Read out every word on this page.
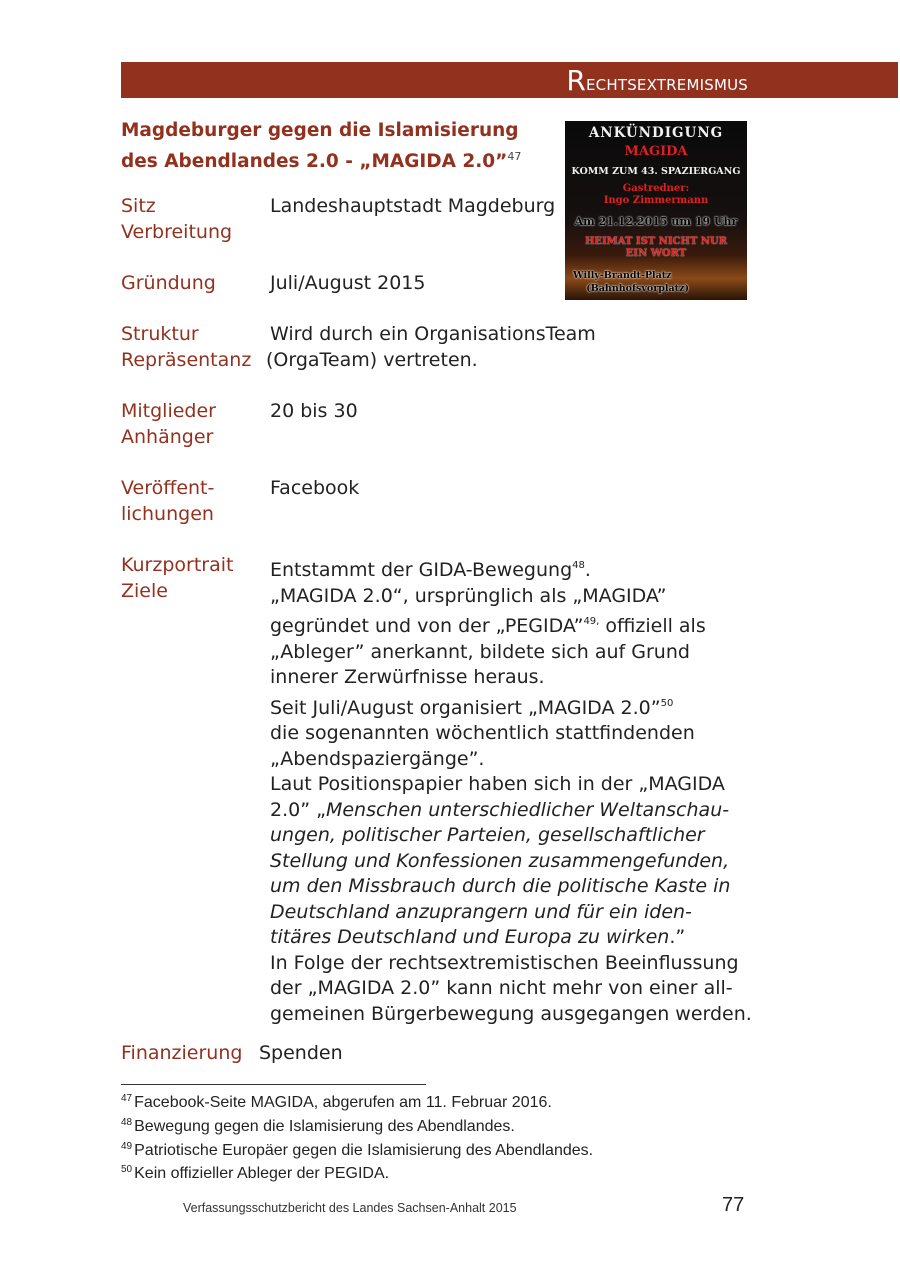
Rechtsextremismus
Magdeburger gegen die Islamisierung des Abendlandes 2.0 - „MAGIDA 2.0”$^{47}$
ANKÜNDIGUNG
MAGIDA
KOMM ZUM 43. SPAZIERGANG
Gastredner:
Ingo Zimmermann
Am 21.12.2015 um 19 Uhr
HEIMAT IST NICHT NUR
EIN WORT
Willy-Brandt-Platz
(Bahnhofsvorplatz)
Sitz
Verbreitung
Landeshauptstadt Magdeburg
Gründung	Juli/August 2015
Struktur
Repräsentanz
Wird durch ein OrganisationsTeam
(OrgaTeam) vertreten.
Mitglieder
Anhänger
20 bis 30
Veröffent-
lichungen
Facebook
Kurzportrait
Ziele
Entstammt der GIDA-Bewegung$^{48}$.
„MAGIDA 2.0“, ursprünglich als „MAGIDA”
gegründet und von der „PEGIDA”$^{49,}$ offiziell als
„Ableger” anerkannt, bildete sich auf Grund
innerer Zerwürfnisse heraus.
Seit Juli/August organisiert „MAGIDA 2.0”$^{50}$
die sogenannten wöchentlich stattfindenden
„Abendspaziergänge”.
Laut Positionspapier haben sich in der „MAGIDA
2.0” „Menschen unterschiedlicher Weltanschau-
ungen, politischer Parteien, gesellschaftlicher
Stellung und Konfessionen zusammengefunden,
um den Missbrauch durch die politische Kaste in
Deutschland anzuprangern und für ein iden-
titäres Deutschland und Europa zu wirken.”
In Folge der rechtsextremistischen Beeinflussung
der „MAGIDA 2.0” kann nicht mehr von einer all-
gemeinen Bürgerbewegung ausgegangen werden.
Finanzierung Spenden
$^{47}$ Facebook-Seite MAGIDA, abgerufen am 11. Februar 2016.
$^{48}$ Bewegung gegen die Islamisierung des Abendlandes.
$^{49}$ Patriotische Europäer gegen die Islamisierung des Abendlandes.
$^{50}$ Kein offizieller Ableger der PEGIDA.
Verfassungsschutzbericht des Landes Sachsen-Anhalt 2015	77
